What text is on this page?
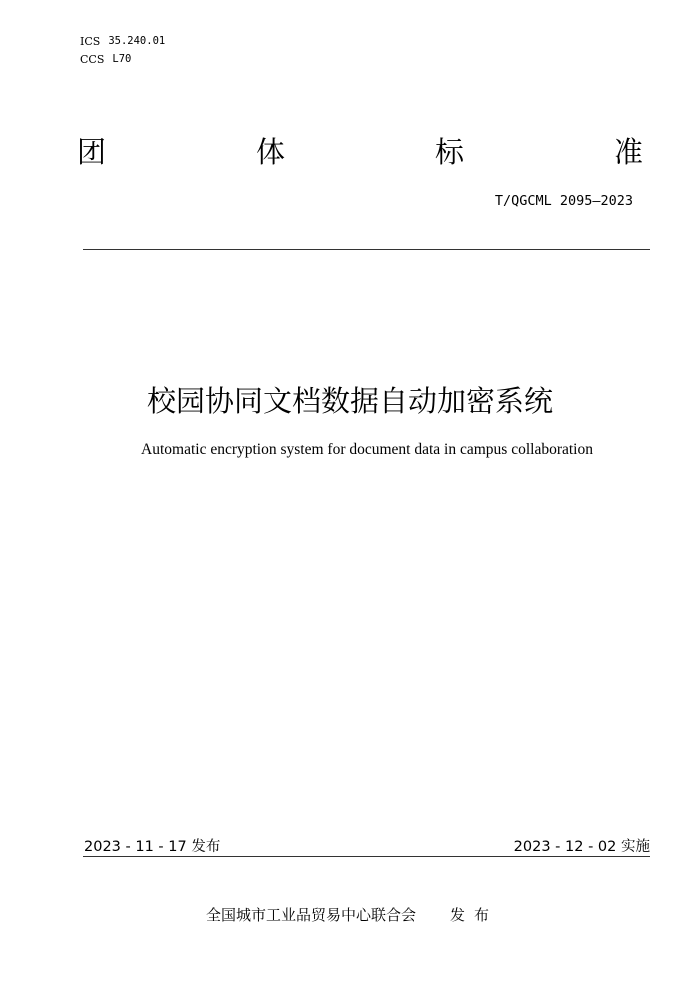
ICS 35.240.01
CCS L70
团	体	标	准
T/QGCML 2095—2023
校园协同文档数据自动加密系统
Automatic encryption system for document data in campus collaboration
2023 - 11 - 17 发布	2023 - 12 - 02 实施
全国城市工业品贸易中心联合会 发布
